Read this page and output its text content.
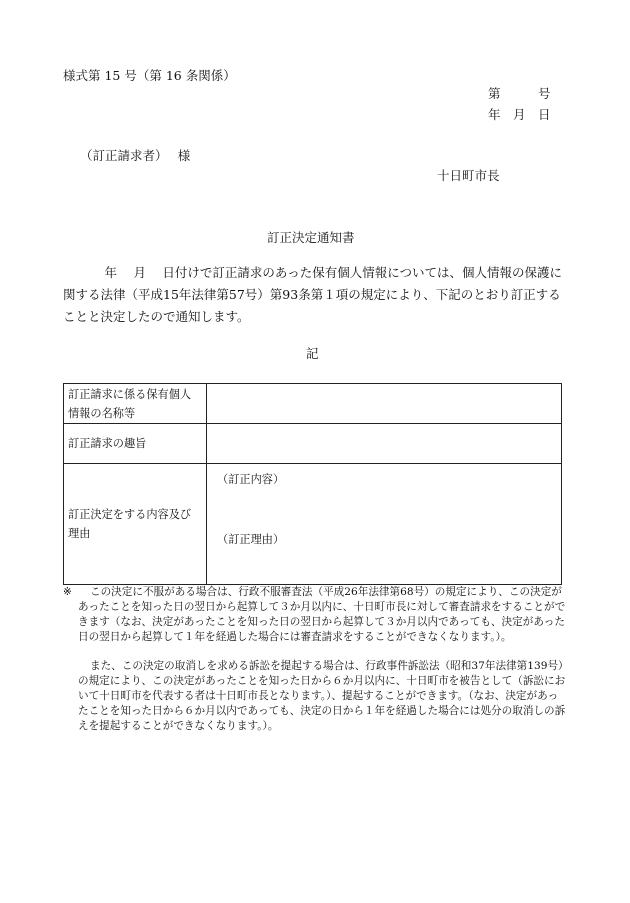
様式第 15 号（第 16 条関係）
第　　　号
年　月　日
（訂正請求者）　 様
十日町市長
訂正決定通知書
　　　 年　 月　 日付けで訂正請求のあった保有個人情報については、個人情報の保護に関する法律（平成15年法律第57号）第93条第１項の規定により、下記のとおり訂正することと決定したので通知します。
記
訂正請求に係る保有個人情報の名称等	
訂正請求の趣旨	
訂正決定をする内容及び理由	（訂正内容）
（訂正理由）
※	この決定に不服がある場合は、行政不服審査法（平成26年法律第68号）の規定により、この決定があったことを知った日の翌日から起算して３か月以内に、十日町市長に対して審査請求をすることができます（なお、決定があったことを知った日の翌日から起算して３か月以内であっても、決定があった日の翌日から起算して１年を経過した場合には審査請求をすることができなくなります。）。
また、この決定の取消しを求める訴訟を提起する場合は、行政事件訴訟法（昭和37年法律第139号）の規定により、この決定があったことを知った日から６か月以内に、十日町市を被告として（訴訟において十日町市を代表する者は十日町市長となります。）、提起することができます。（なお、決定があったことを知った日から６か月以内であっても、決定の日から１年を経過した場合には処分の取消しの訴えを提起することができなくなります。）。
